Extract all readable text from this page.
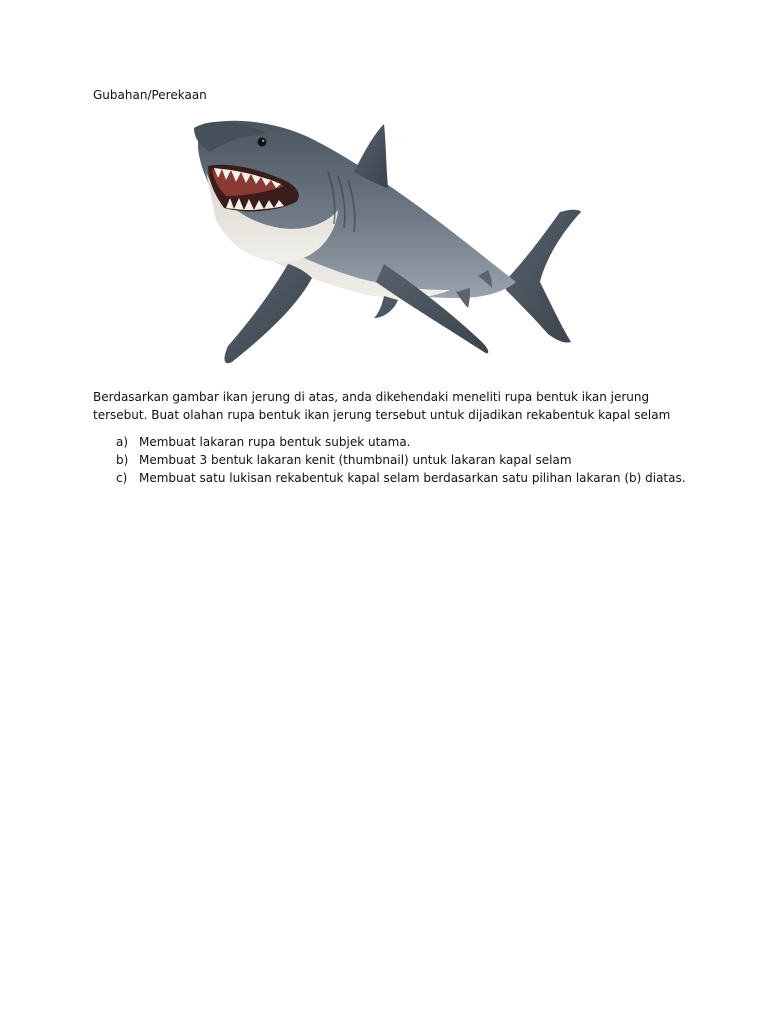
Gubahan/Perekaan
Berdasarkan gambar ikan jerung di atas, anda dikehendaki meneliti rupa bentuk ikan jerung
tersebut. Buat olahan rupa bentuk ikan jerung tersebut untuk dijadikan rekabentuk kapal selam
a) Membuat lakaran rupa bentuk subjek utama.
b) Membuat 3 bentuk lakaran kenit (thumbnail) untuk lakaran kapal selam
c) Membuat satu lukisan rekabentuk kapal selam berdasarkan satu pilihan lakaran (b) diatas.
